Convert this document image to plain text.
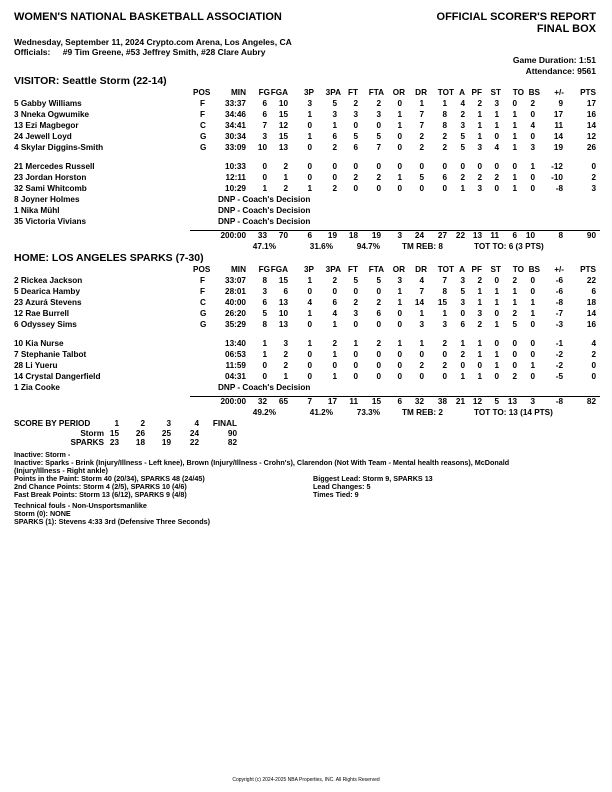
WOMEN'S NATIONAL BASKETBALL ASSOCIATION	OFFICIAL SCORER'S REPORT
FINAL BOX
Wednesday, September 11, 2024 Crypto.com Arena, Los Angeles, CA
Officials: #9 Tim Greene, #53 Jeffrey Smith, #28 Clare Aubry
Game Duration: 1:51
Attendance: 9561
VISITOR: Seattle Storm (22-14)
POS	MIN FG FGA 3P 3PA FT FTA OR DR TOT A PF ST TO BS +/- PTS
5 Gabby Williams	F 33:37 6 10 3 5 2 2 0 1 1 4 2 3 0 2	9	17
3 Nneka Ogwumike	F 34:46 6 15 1 3 3 3 1 7 8 2 1 1 1 0 17	16
13 Ezi Magbegor	C 34:41 7 12 0 1 0 0 1 7 8 3 1 1 1 4 11	14
24 Jewell Loyd	G 30:34 3 15 1 6 5 5 0 2 2 5 1 0 1 0 14	12
4 Skylar Diggins-Smith	G 33:09 10 13 0 2 6 7 0 2 2 5 3 4 1 3 19	26
21 Mercedes Russell	10:33 0 2 0 0 0 0 0 0 0 0 0 0 0 1 -12	0
23 Jordan Horston	12:11 0 1 0 0 2 2 1 5 6 2 2 2 1 0 -10	2
32 Sami Whitcomb	10:29 1 2 1 2 0 0 0 0 0 1 3 0 1 0	-8	3
8 Joyner Holmes	DNP - Coach's Decision
1 Nika Mühl	DNP - Coach's Decision
35 Victoria Vivians	DNP - Coach's Decision
200:00 33 70 6 19 18 19 3 24 27 22 13 11 6 10	8	90
47.1%	31.6%	94.7%	TM REB: 8	TOT TO: 6 (3 PTS)
HOME: LOS ANGELES SPARKS (7-30)
POS	MIN FG FGA 3P 3PA FT FTA OR DR TOT A PF ST TO BS +/- PTS
2 Rickea Jackson	F 33:07 8 15 1 2 5 5 3 4 7 3 2 0 2 0	-6	22
5 Dearica Hamby	F 28:01 3 6 0 0 0 0 1 7 8 5 1 1 1 0	-6	6
23 Azurá Stevens	C 40:00 6 13 4 6 2 2 1 14 15 3 1 1 1 1	-8	18
12 Rae Burrell	G 26:20 5 10 1 4 3 6 0 1 1 0 3 0 2 1	-7	14
6 Odyssey Sims	G 35:29 8 13 0 1 0 0 0 3 3 6 2 1 5 0	-3	16
10 Kia Nurse	13:40 1 3 1 2 1 2 1 1 2 1 1 0 0 0	-1	4
7 Stephanie Talbot	06:53 1 2 0 1 0 0 0 0 0 2 1 1 0 0	-2	2
28 Li Yueru	11:59 0 2 0 0 0 0 0 2 2 0 0 1 0 1	-2	0
14 Crystal Dangerfield	04:31 0 1 0 1 0 0 0 0 0 1 1 0 2 0	-5	0
1 Zia Cooke	DNP - Coach's Decision
200:00 32 65 7 17 11 15 6 32 38 21 12 5 13 3	-8	82
49.2%	41.2%	73.3%	TM REB: 2	TOT TO: 13 (14 PTS)
SCORE BY PERIOD	1	2	3	4 FINAL
Storm 15 26 25 24	90
SPARKS 23 18 19 22	82
Inactive: Storm -
Inactive: Sparks - Brink (Injury/Illness - Left knee), Brown (Injury/Illness - Crohn's), Clarendon (Not With Team - Mental health reasons), McDonald
(Injury/Illness - Right ankle)
Points in the Paint: Storm 40 (20/34), SPARKS 48 (24/45)
2nd Chance Points: Storm 4 (2/5), SPARKS 10 (4/6)
Fast Break Points: Storm 13 (6/12), SPARKS 9 (4/8)
Biggest Lead: Storm 9, SPARKS 13
Lead Changes: 5
Times Tied: 9
Technical fouls - Non-Unsportsmanlike
Storm (0): NONE
SPARKS (1): Stevens 4:33 3rd (Defensive Three Seconds)
Copyright (c) 2024-2025 NBA Properties, INC. All Rights Reserved
